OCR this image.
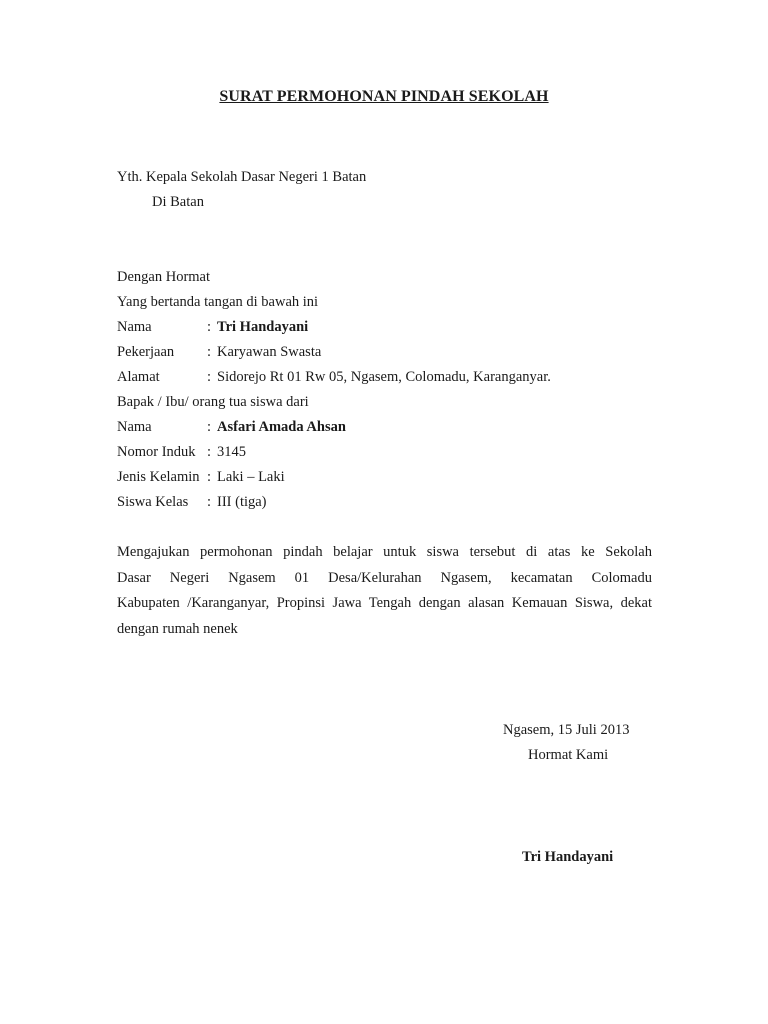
SURAT PERMOHONAN PINDAH SEKOLAH
Yth. Kepala Sekolah Dasar Negeri 1 Batan
Di Batan
Dengan Hormat
Yang bertanda tangan di bawah ini
Nama	: Tri Handayani
Pekerjaan : Karyawan Swasta
Alamat	: Sidorejo Rt 01 Rw 05, Ngasem, Colomadu, Karanganyar.
Bapak / Ibu/ orang tua siswa dari
Nama	: Asfari Amada Ahsan
Nomor Induk : 3145
Jenis Kelamin : Laki – Laki
Siswa Kelas : III (tiga)
Mengajukan permohonan pindah belajar untuk siswa tersebut di atas ke Sekolah
Dasar Negeri Ngasem 01 Desa/Kelurahan Ngasem, kecamatan Colomadu
Kabupaten /Karanganyar, Propinsi Jawa Tengah dengan alasan Kemauan Siswa, dekat
dengan rumah nenek
Ngasem, 15 Juli 2013
Hormat Kami
Tri Handayani
